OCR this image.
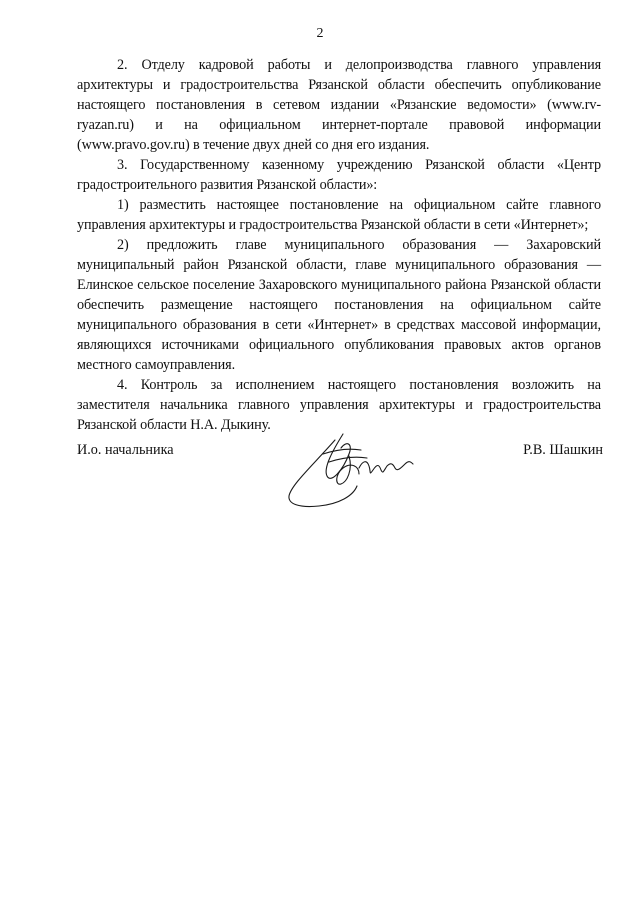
2

2. Отделу кадровой работы и делопроизводства главного управления архитектуры и градостроительства Рязанской области обеспечить опубликование настоящего постановления в сетевом издании «Рязанские ведомости» (www.rv-ryazan.ru) и на официальном интернет-портале правовой информации (www.pravo.gov.ru) в течение двух дней со дня его издания.

3. Государственному казенному учреждению Рязанской области «Центр градостроительного развития Рязанской области»:

1) разместить настоящее постановление на официальном сайте главного управления архитектуры и градостроительства Рязанской области в сети «Интернет»;

2) предложить главе муниципального образования — Захаровский муниципальный район Рязанской области, главе муниципального образования — Елинское сельское поселение Захаровского муниципального района Рязанской области обеспечить размещение настоящего постановления на официальном сайте муниципального образования в сети «Интернет» в средствах массовой информации, являющихся источниками официального опубликования правовых актов органов местного самоуправления.

4. Контроль за исполнением настоящего постановления возложить на заместителя начальника главного управления архитектуры и градостроительства Рязанской области Н.А. Дыкину.

И.о. начальника	Р.В. Шашкин
